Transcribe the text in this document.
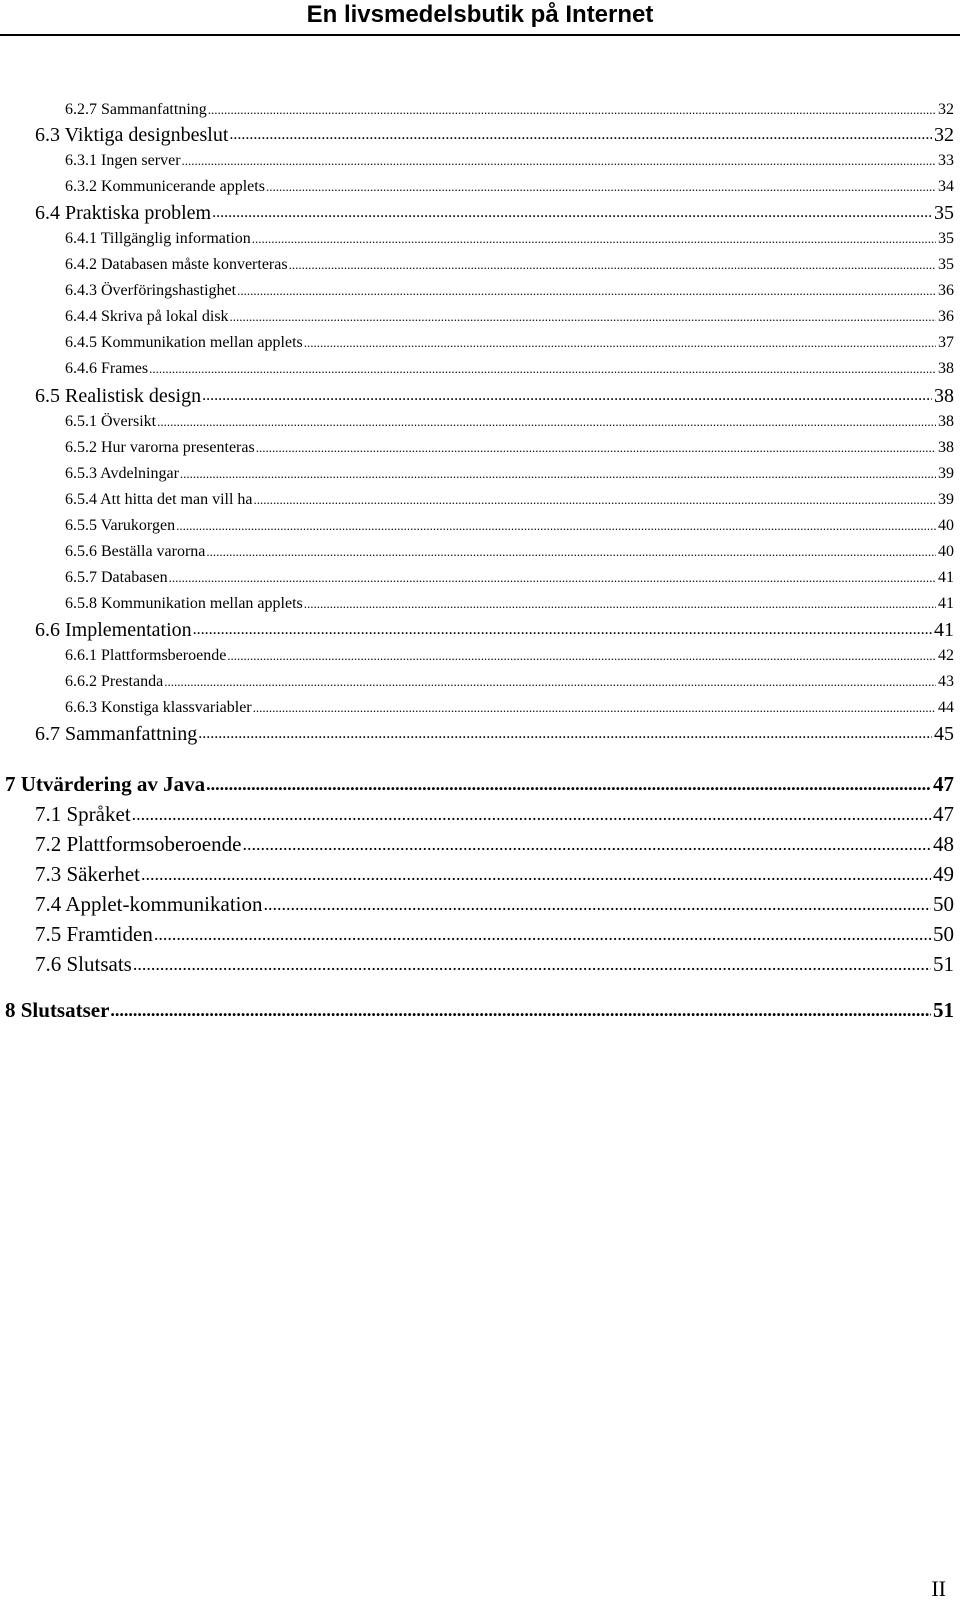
En livsmedelsbutik på Internet
6.2.7 Sammanfattning .....	32
6.3 Viktiga designbeslut .....	32
6.3.1 Ingen server .....	33
6.3.2 Kommunicerande applets .....	34
6.4 Praktiska problem .....	35
6.4.1 Tillgänglig information .....	35
6.4.2 Databasen måste konverteras .....	35
6.4.3 Överföringshastighet .....	36
6.4.4 Skriva på lokal disk .....	36
6.4.5 Kommunikation mellan applets .....	37
6.4.6 Frames .....	38
6.5 Realistisk design .....	38
6.5.1 Översikt .....	38
6.5.2 Hur varorna presenteras .....	38
6.5.3 Avdelningar .....	39
6.5.4 Att hitta det man vill ha .....	39
6.5.5 Varukorgen .....	40
6.5.6 Beställa varorna .....	40
6.5.7 Databasen .....	41
6.5.8 Kommunikation mellan applets .....	41
6.6 Implementation .....	41
6.6.1 Plattformsberoende .....	42
6.6.2 Prestanda .....	43
6.6.3 Konstiga klassvariabler .....	44
6.7 Sammanfattning .....	45
7 Utvärdering av Java .....	47
7.1 Språket .....	47
7.2 Plattformsoberoende .....	48
7.3 Säkerhet .....	49
7.4 Applet-kommunikation .....	50
7.5 Framtiden .....	50
7.6 Slutsats .....	51
8 Slutsatser .....	51
II
